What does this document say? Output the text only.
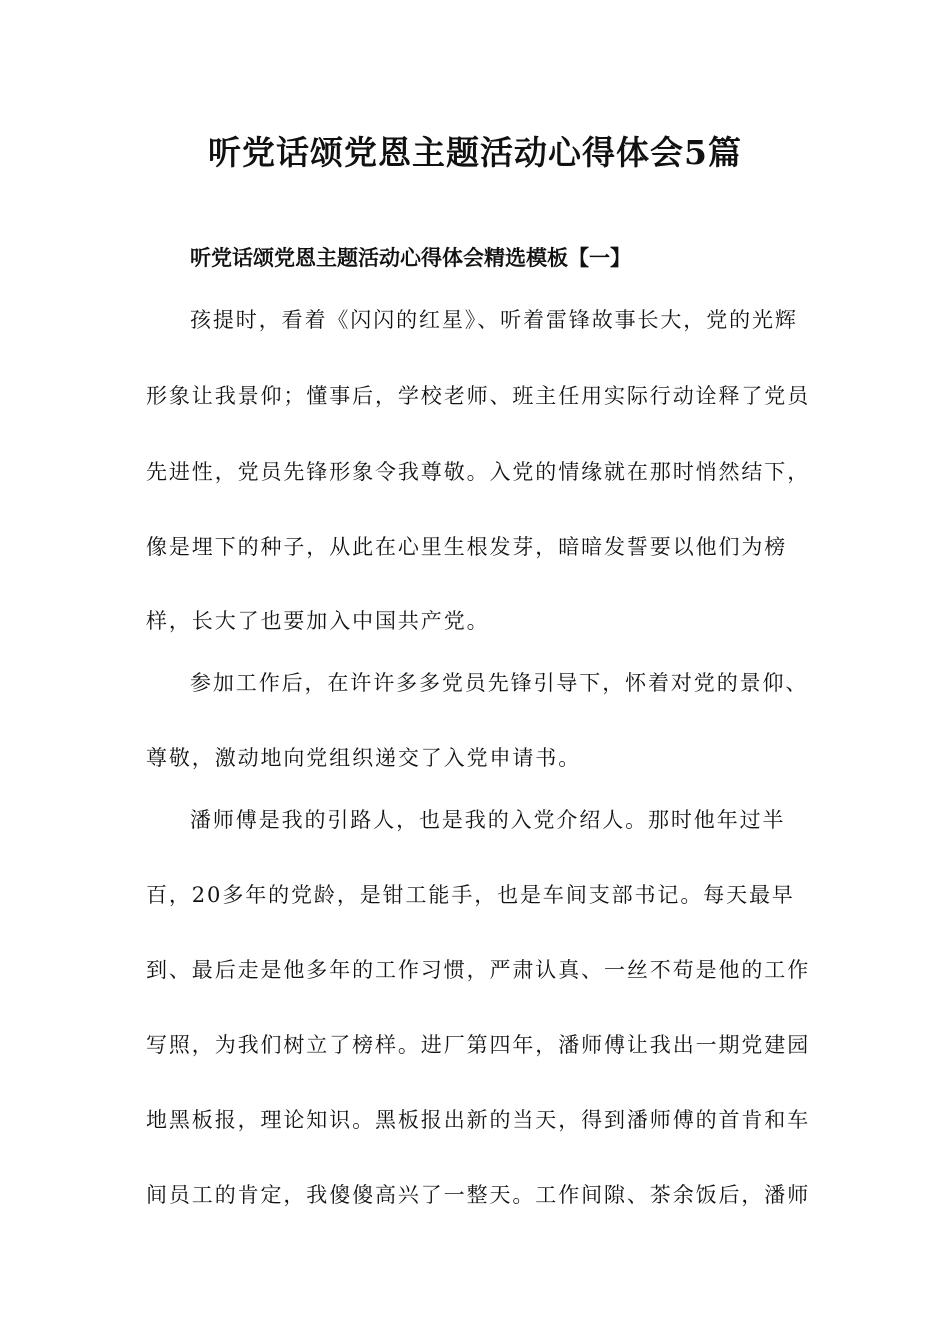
听党话颂党恩主题活动心得体会5篇
听党话颂党恩主题活动心得体会精选模板【一】

孩提时，看着《闪闪的红星》、听着雷锋故事长大，党的光辉

形象让我景仰；懂事后，学校老师、班主任用实际行动诠释了党员

先进性，党员先锋形象令我尊敬。入党的情缘就在那时悄然结下，

像是埋下的种子，从此在心里生根发芽，暗暗发誓要以他们为榜

样，长大了也要加入中国共产党。

参加工作后，在许许多多党员先锋引导下，怀着对党的景仰、

尊敬，激动地向党组织递交了入党申请书。

潘师傅是我的引路人，也是我的入党介绍人。那时他年过半

百，20多年的党龄，是钳工能手，也是车间支部书记。每天最早

到、最后走是他多年的工作习惯，严肃认真、一丝不苟是他的工作

写照，为我们树立了榜样。进厂第四年，潘师傅让我出一期党建园

地黑板报，理论知识。黑板报出新的当天，得到潘师傅的首肯和车

间员工的肯定，我傻傻高兴了一整天。工作间隙、茶余饭后，潘师
